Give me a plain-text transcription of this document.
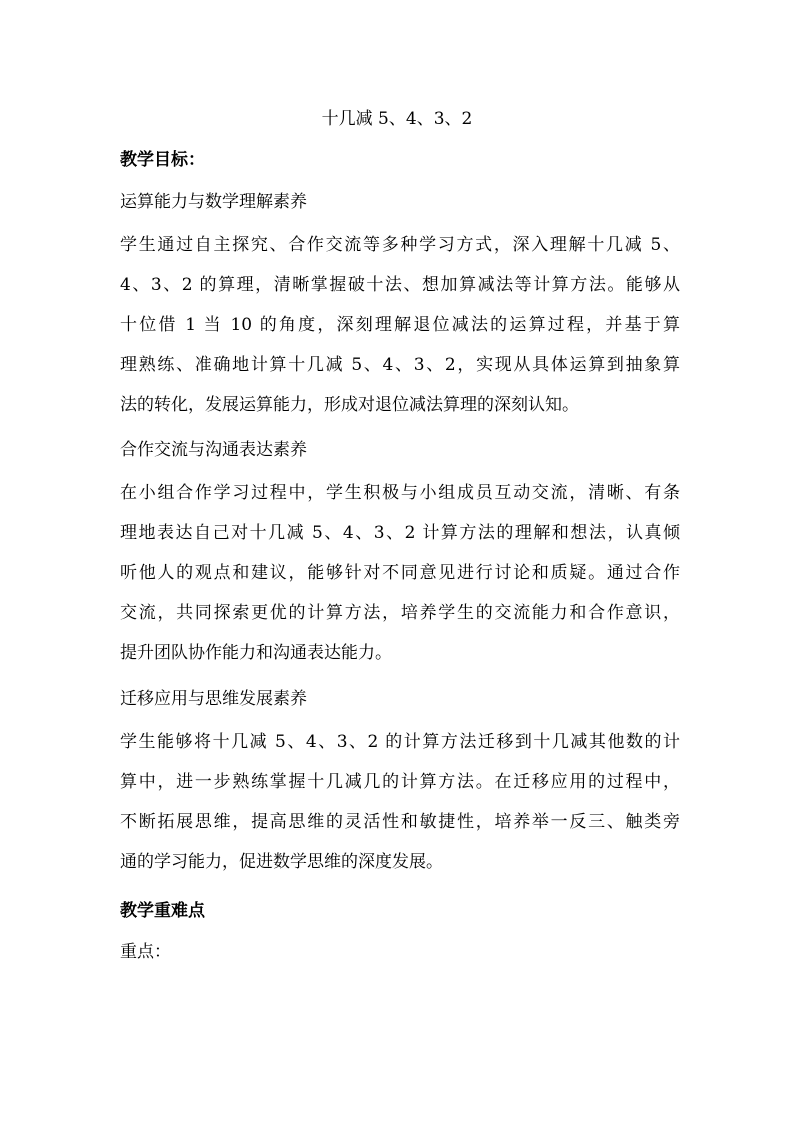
十几减 5、4、3、2
教学目标：
运算能力与数学理解素养
学生通过自主探究、合作交流等多种学习方式，深入理解十几减 5、
4、3、2 的算理，清晰掌握破十法、想加算减法等计算方法。能够从
十位借 1 当 10 的角度，深刻理解退位减法的运算过程，并基于算
理熟练、准确地计算十几减 5、4、3、2，实现从具体运算到抽象算
法的转化，发展运算能力，形成对退位减法算理的深刻认知。
合作交流与沟通表达素养
在小组合作学习过程中，学生积极与小组成员互动交流，清晰、有条
理地表达自己对十几减 5、4、3、2 计算方法的理解和想法，认真倾
听他人的观点和建议，能够针对不同意见进行讨论和质疑。通过合作
交流，共同探索更优的计算方法，培养学生的交流能力和合作意识，
提升团队协作能力和沟通表达能力。
迁移应用与思维发展素养
学生能够将十几减 5、4、3、2 的计算方法迁移到十几减其他数的计
算中，进一步熟练掌握十几减几的计算方法。在迁移应用的过程中，
不断拓展思维，提高思维的灵活性和敏捷性，培养举一反三、触类旁
通的学习能力，促进数学思维的深度发展。
教学重难点
重点：
